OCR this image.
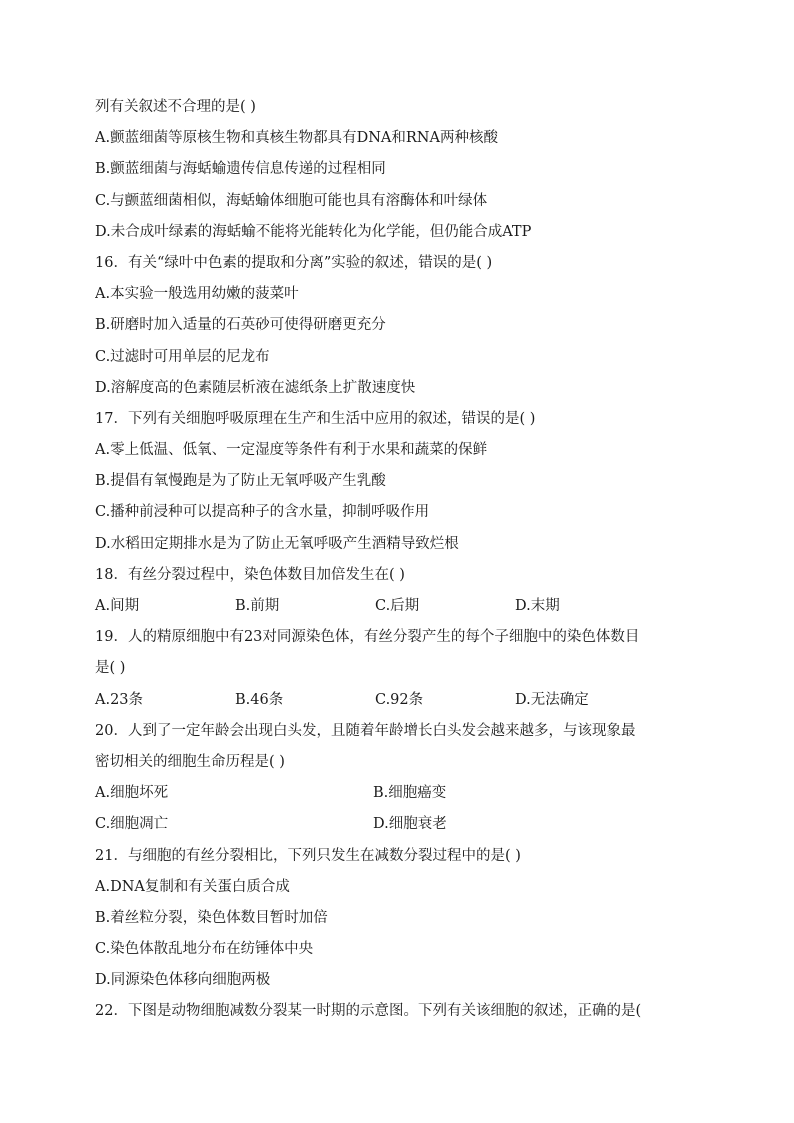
列有关叙述不合理的是( )
A.颤蓝细菌等原核生物和真核生物都具有DNA和RNA两种核酸
B.颤蓝细菌与海蛞蝓遗传信息传递的过程相同
C.与颤蓝细菌相似，海蛞蝓体细胞可能也具有溶酶体和叶绿体
D.未合成叶绿素的海蛞蝓不能将光能转化为化学能，但仍能合成ATP
16．有关“绿叶中色素的提取和分离”实验的叙述，错误的是( )
A.本实验一般选用幼嫩的菠菜叶
B.研磨时加入适量的石英砂可使得研磨更充分
C.过滤时可用单层的尼龙布
D.溶解度高的色素随层析液在滤纸条上扩散速度快
17．下列有关细胞呼吸原理在生产和生活中应用的叙述，错误的是( )
A.零上低温、低氧、一定湿度等条件有利于水果和蔬菜的保鲜
B.提倡有氧慢跑是为了防止无氧呼吸产生乳酸
C.播种前浸种可以提高种子的含水量，抑制呼吸作用
D.水稻田定期排水是为了防止无氧呼吸产生酒精导致烂根
18．有丝分裂过程中，染色体数目加倍发生在( )
A.间期	B.前期	C.后期	D.末期
19．人的精原细胞中有23对同源染色体，有丝分裂产生的每个子细胞中的染色体数目
是( )
A.23条	B.46条	C.92条	D.无法确定
20．人到了一定年龄会出现白头发，且随着年龄增长白头发会越来越多，与该现象最
密切相关的细胞生命历程是( )
A.细胞坏死	B.细胞癌变
C.细胞凋亡	D.细胞衰老
21．与细胞的有丝分裂相比，下列只发生在减数分裂过程中的是( )
A.DNA复制和有关蛋白质合成
B.着丝粒分裂，染色体数目暂时加倍
C.染色体散乱地分布在纺锤体中央
D.同源染色体移向细胞两极
22．下图是动物细胞减数分裂某一时期的示意图。下列有关该细胞的叙述，正确的是(
